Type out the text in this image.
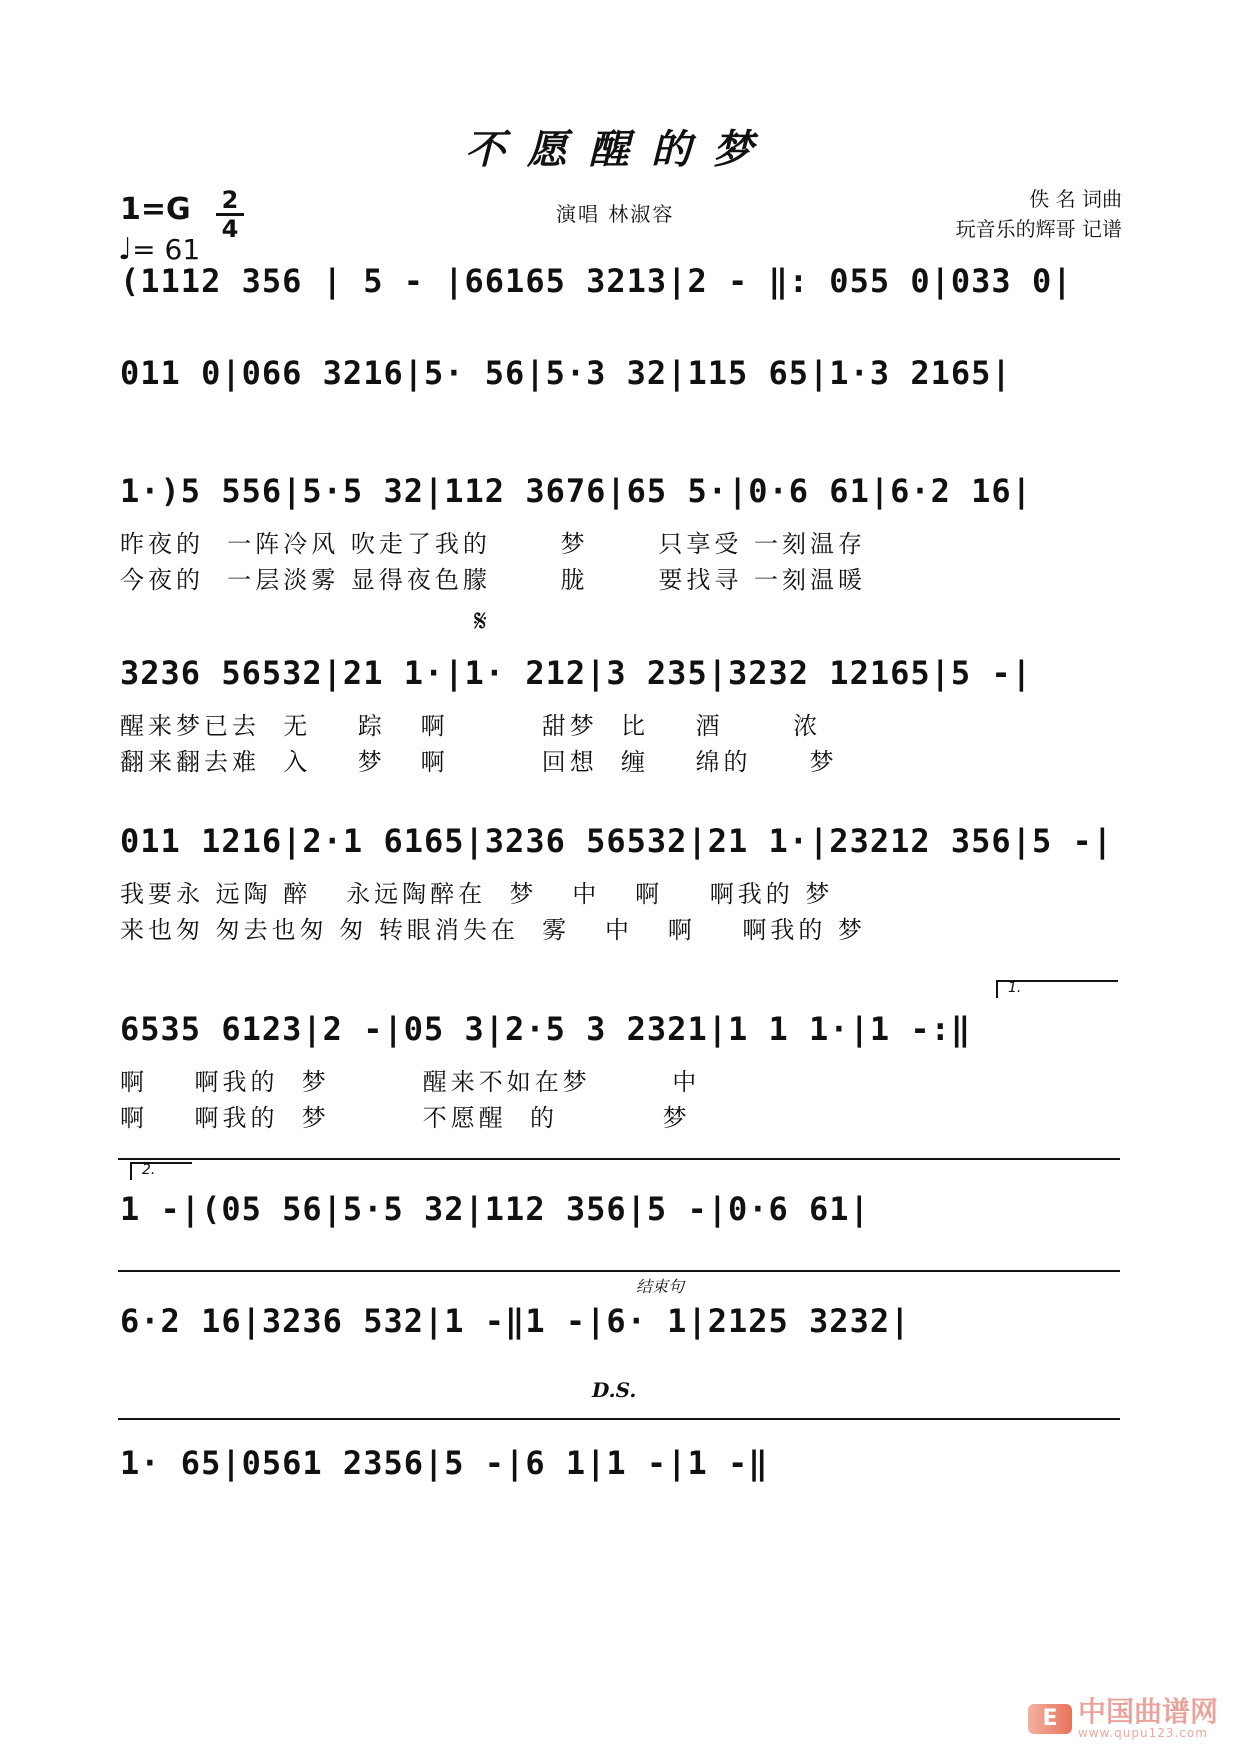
不愿醒的梦
1=G 2
4
♩= 61
演唱 林淑容
佚 名 词曲
玩音乐的辉哥 记谱
(1112 356 | 5 - |66165 3213|2 - ‖: 055 0|033 0|
011 0|066 3216|5· 56|5·3 32|115 65|1·3 2165|
1·)5 556|5·5 32|112 3676|65 5·|0·6 61|6·2 16|
昨夜的  一阵冷风 吹走了我的      梦      只享受 一刻温存
今夜的  一层淡雾 显得夜色朦      胧      要找寻 一刻温暖
𝄋
3236 56532|21 1·|1· 212|3 235|3232 12165|5 -|
醒来梦已去  无    踪   啊        甜梦  比    酒      浓
翻来翻去难  入    梦   啊        回想  缠    绵的     梦
011 1216|2·1 6165|3236 56532|21 1·|23212 356|5 -|
我要永 远陶 醉   永远陶醉在  梦   中   啊    啊我的 梦
来也匆 匆去也匆 匆 转眼消失在  雾   中   啊    啊我的 梦
1.
6535 6123|2 -|05 3|2·5 3 2321|1 1 1·|1 -:‖
啊    啊我的  梦        醒来不如在梦       中
啊    啊我的  梦        不愿醒  的         梦
2.
1 -|(05 56|5·5 32|112 356|5 -|0·6 61|
结束句
6·2 16|3236 532|1 -‖1 -|6· 1|2125 3232|
D.S.
1· 65|0561 2356|5 -|6 1|1 -|1 -‖
E 中国曲谱网
www.qupu123.com
